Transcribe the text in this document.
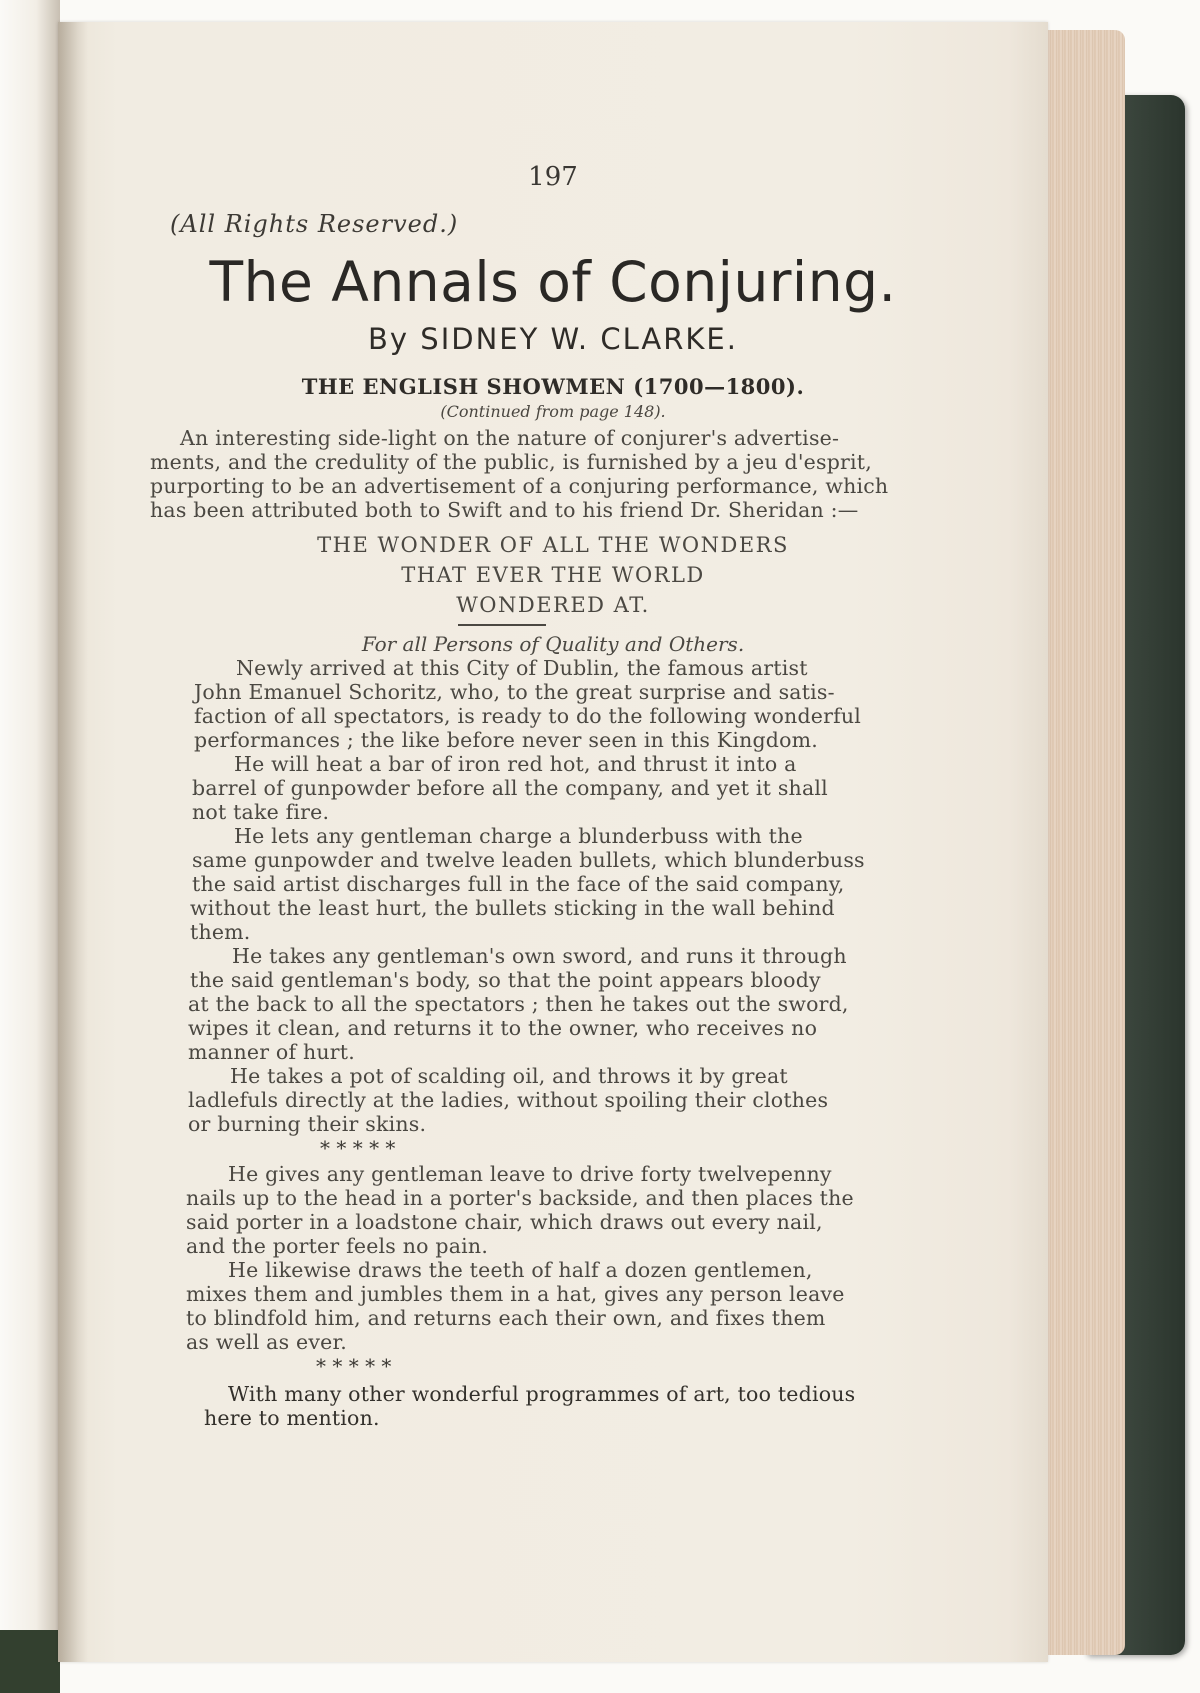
197
(All Rights Reserved.)
The Annals of Conjuring.
By SIDNEY W. CLARKE.
THE ENGLISH SHOWMEN (1700—1800).
(Continued from page 148).
An interesting side-light on the nature of conjurer's advertise-
ments, and the credulity of the public, is furnished by a jeu d'esprit,
purporting to be an advertisement of a conjuring performance, which
has been attributed both to Swift and to his friend Dr. Sheridan :—
THE WONDER OF ALL THE WONDERS
THAT EVER THE WORLD
WONDERED AT.
For all Persons of Quality and Others.
Newly arrived at this City of Dublin, the famous artist
John Emanuel Schoritz, who, to the great surprise and satis-
faction of all spectators, is ready to do the following wonderful
performances ; the like before never seen in this Kingdom.
He will heat a bar of iron red hot, and thrust it into a
barrel of gunpowder before all the company, and yet it shall
not take fire.
He lets any gentleman charge a blunderbuss with the
same gunpowder and twelve leaden bullets, which blunderbuss
the said artist discharges full in the face of the said company,
without the least hurt, the bullets sticking in the wall behind
them.
He takes any gentleman's own sword, and runs it through
the said gentleman's body, so that the point appears bloody
at the back to all the spectators ; then he takes out the sword,
wipes it clean, and returns it to the owner, who receives no
manner of hurt.
He takes a pot of scalding oil, and throws it by great
ladlefuls directly at the ladies, without spoiling their clothes
or burning their skins.
* * * * *
He gives any gentleman leave to drive forty twelvepenny
nails up to the head in a porter's backside, and then places the
said porter in a loadstone chair, which draws out every nail,
and the porter feels no pain.
He likewise draws the teeth of half a dozen gentlemen,
mixes them and jumbles them in a hat, gives any person leave
to blindfold him, and returns each their own, and fixes them
as well as ever.
* * * * *
With many other wonderful programmes of art, too tedious
here to mention.
